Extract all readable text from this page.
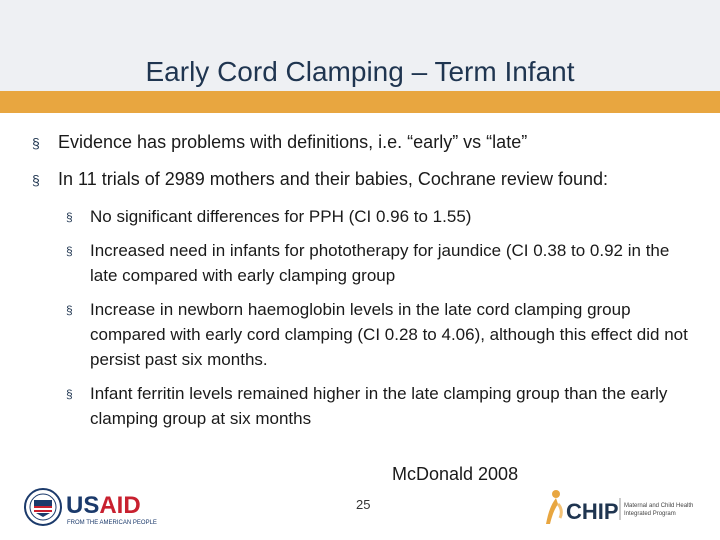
Early Cord Clamping – Term Infant
§ Evidence has problems with definitions, i.e. “early” vs “late”
§ In 11 trials of 2989 mothers and their babies, Cochrane review found:
§ No significant differences for PPH (CI 0.96 to 1.55)
§ Increased need in infants for phototherapy for jaundice (CI 0.38 to 0.92 in the late compared with early clamping group
§ Increase in newborn haemoglobin levels in the late cord clamping group compared with early cord clamping (CI 0.28 to 4.06), although this effect did not persist past six months.
§ Infant ferritin levels remained higher in the late clamping group than the early clamping group at six months
McDonald 2008
25
USAID
FROM THE AMERICAN PEOPLE	CHIP Maternal and Child Health
Integrated Program
